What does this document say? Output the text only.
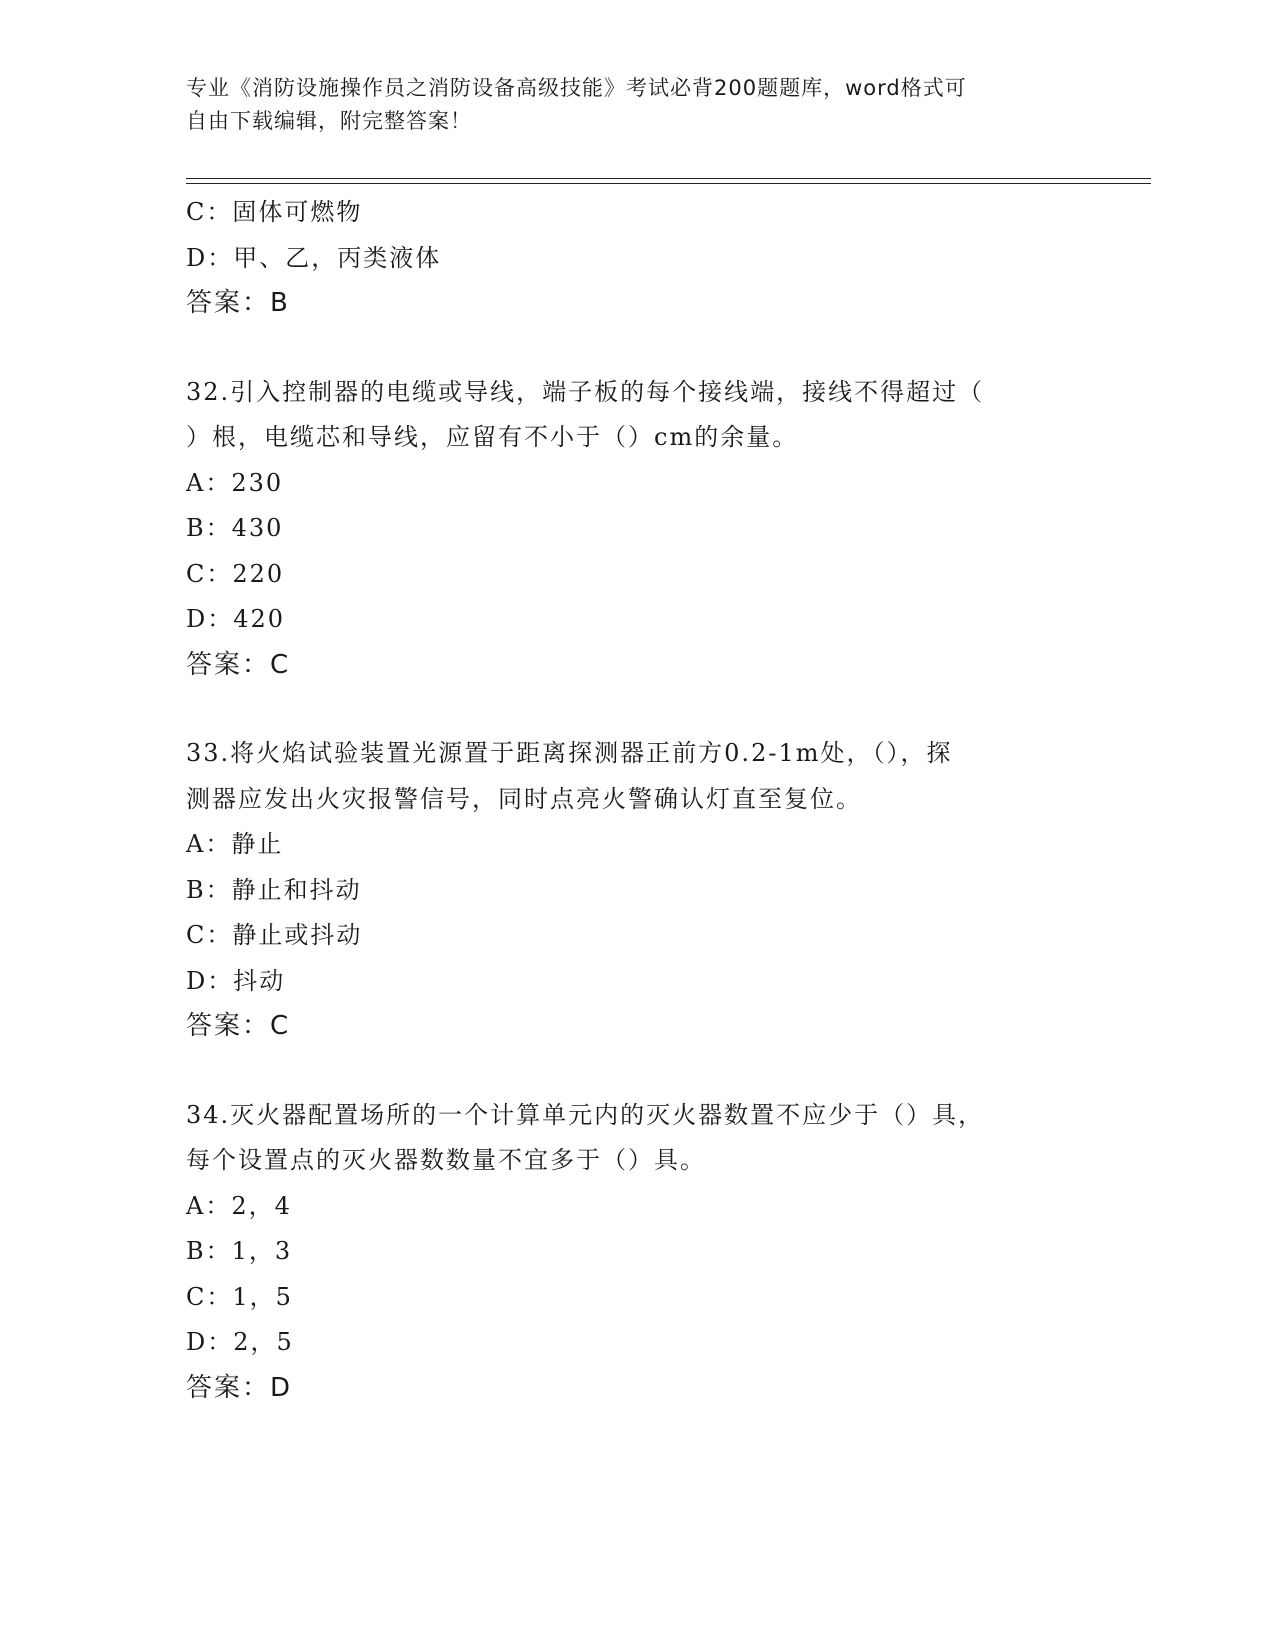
专业《消防设施操作员之消防设备高级技能》考试必背200题题库，word格式可
自由下载编辑，附完整答案！
C：固体可燃物
D：甲、乙，丙类液体
答案：B
32.引入控制器的电缆或导线，端子板的每个接线端，接线不得超过（
）根，电缆芯和导线，应留有不小于（）cm的余量。
A：230
B：430
C：220
D：420
答案：C
33.将火焰试验装置光源置于距离探测器正前方0.2-1m处，（），探
测器应发出火灾报警信号，同时点亮火警确认灯直至复位。
A：静止
B：静止和抖动
C：静止或抖动
D：抖动
答案：C
34.灭火器配置场所的一个计算单元内的灭火器数置不应少于（）具，
每个设置点的灭火器数数量不宜多于（）具。
A：2，4
B：1，3
C：1，5
D：2，5
答案：D
